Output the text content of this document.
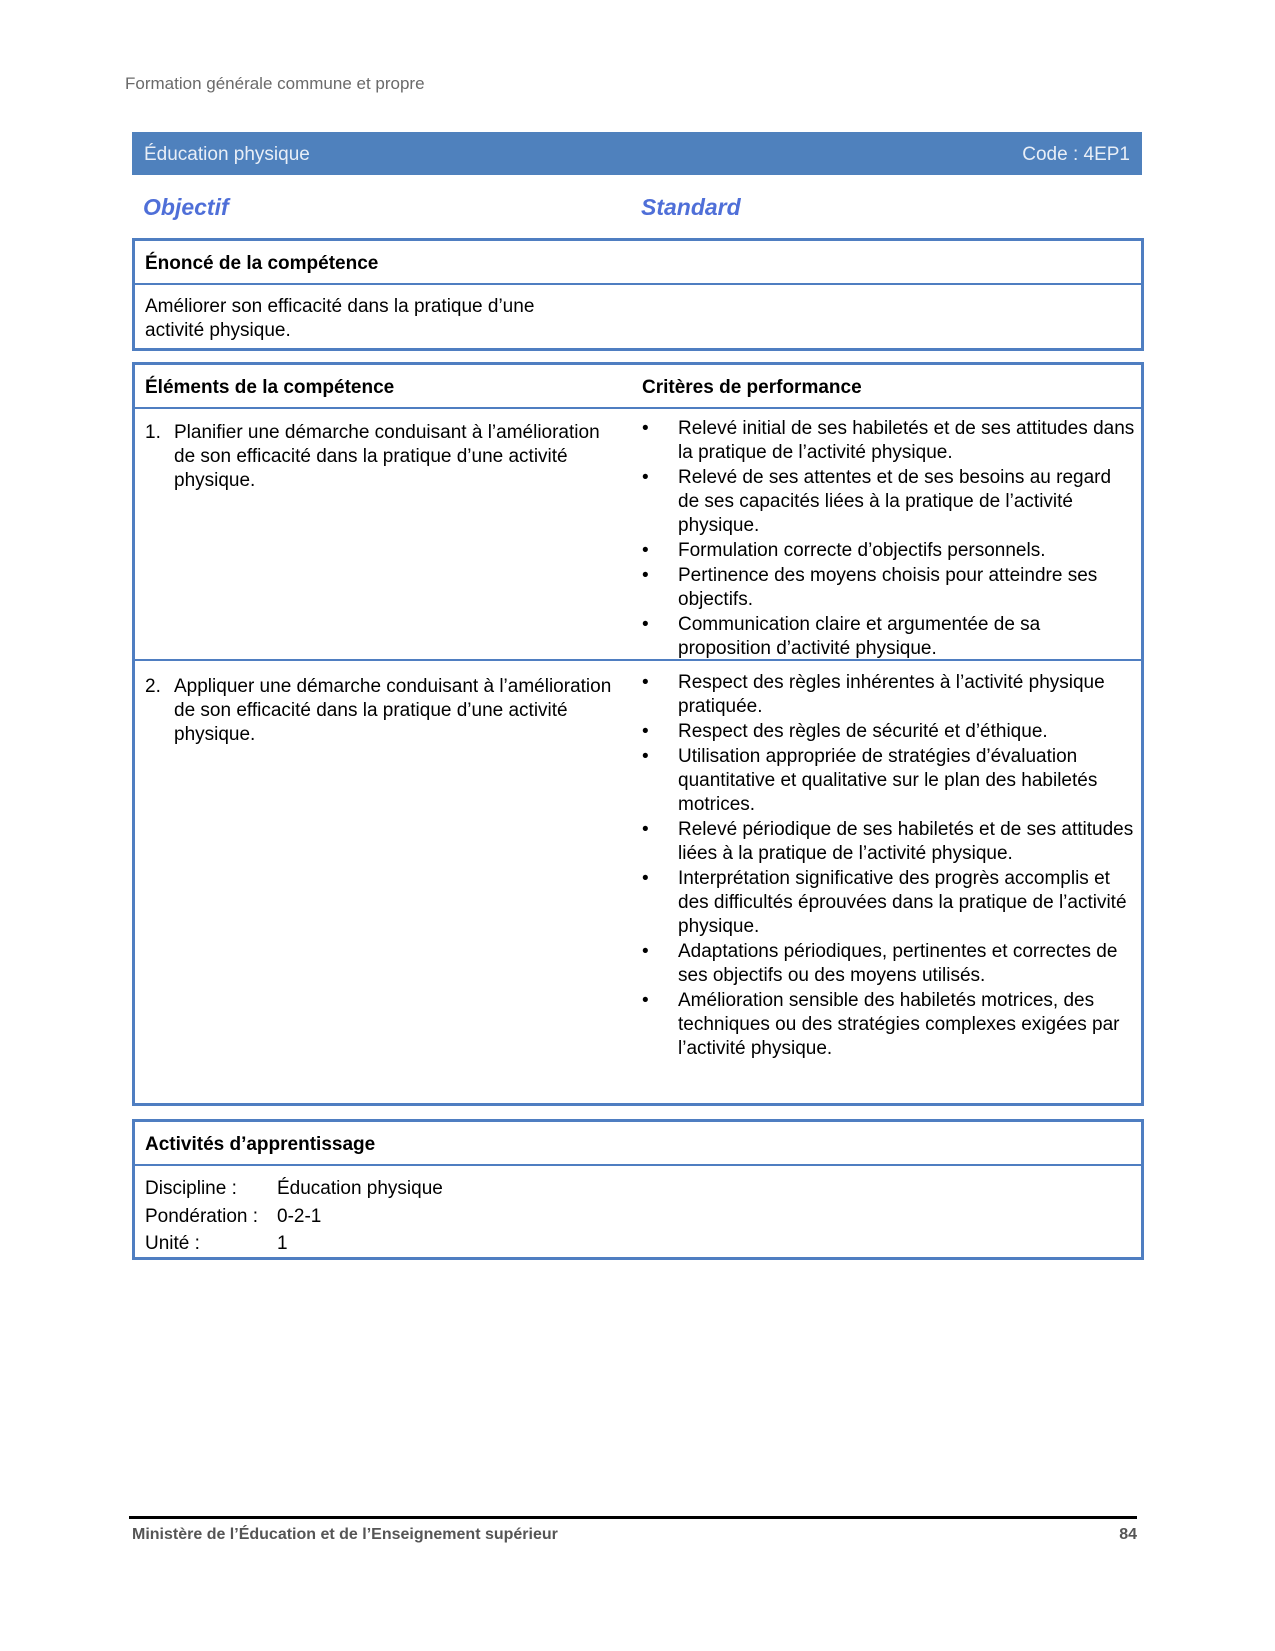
Formation générale commune et propre
Éducation physique	Code : 4EP1
Objectif	Standard
Énoncé de la compétence
Améliorer son efficacité dans la pratique d’une activité physique.
Éléments de la compétence	Critères de performance
1. Planifier une démarche conduisant à l’amélioration de son efficacité dans la pratique d’une activité physique.
• Relevé initial de ses habiletés et de ses attitudes dans la pratique de l’activité physique.
• Relevé de ses attentes et de ses besoins au regard de ses capacités liées à la pratique de l’activité physique.
• Formulation correcte d’objectifs personnels.
• Pertinence des moyens choisis pour atteindre ses objectifs.
• Communication claire et argumentée de sa proposition d’activité physique.
2. Appliquer une démarche conduisant à l’amélioration de son efficacité dans la pratique d’une activité physique.
• Respect des règles inhérentes à l’activité physique pratiquée.
• Respect des règles de sécurité et d’éthique.
• Utilisation appropriée de stratégies d’évaluation quantitative et qualitative sur le plan des habiletés motrices.
• Relevé périodique de ses habiletés et de ses attitudes liées à la pratique de l’activité physique.
• Interprétation significative des progrès accomplis et des difficultés éprouvées dans la pratique de l’activité physique.
• Adaptations périodiques, pertinentes et correctes de ses objectifs ou des moyens utilisés.
• Amélioration sensible des habiletés motrices, des techniques ou des stratégies complexes exigées par l’activité physique.
Activités d’apprentissage
Discipline : Éducation physique
Pondération : 0-2-1
Unité :	1
Ministère de l’Éducation et de l’Enseignement supérieur	84
